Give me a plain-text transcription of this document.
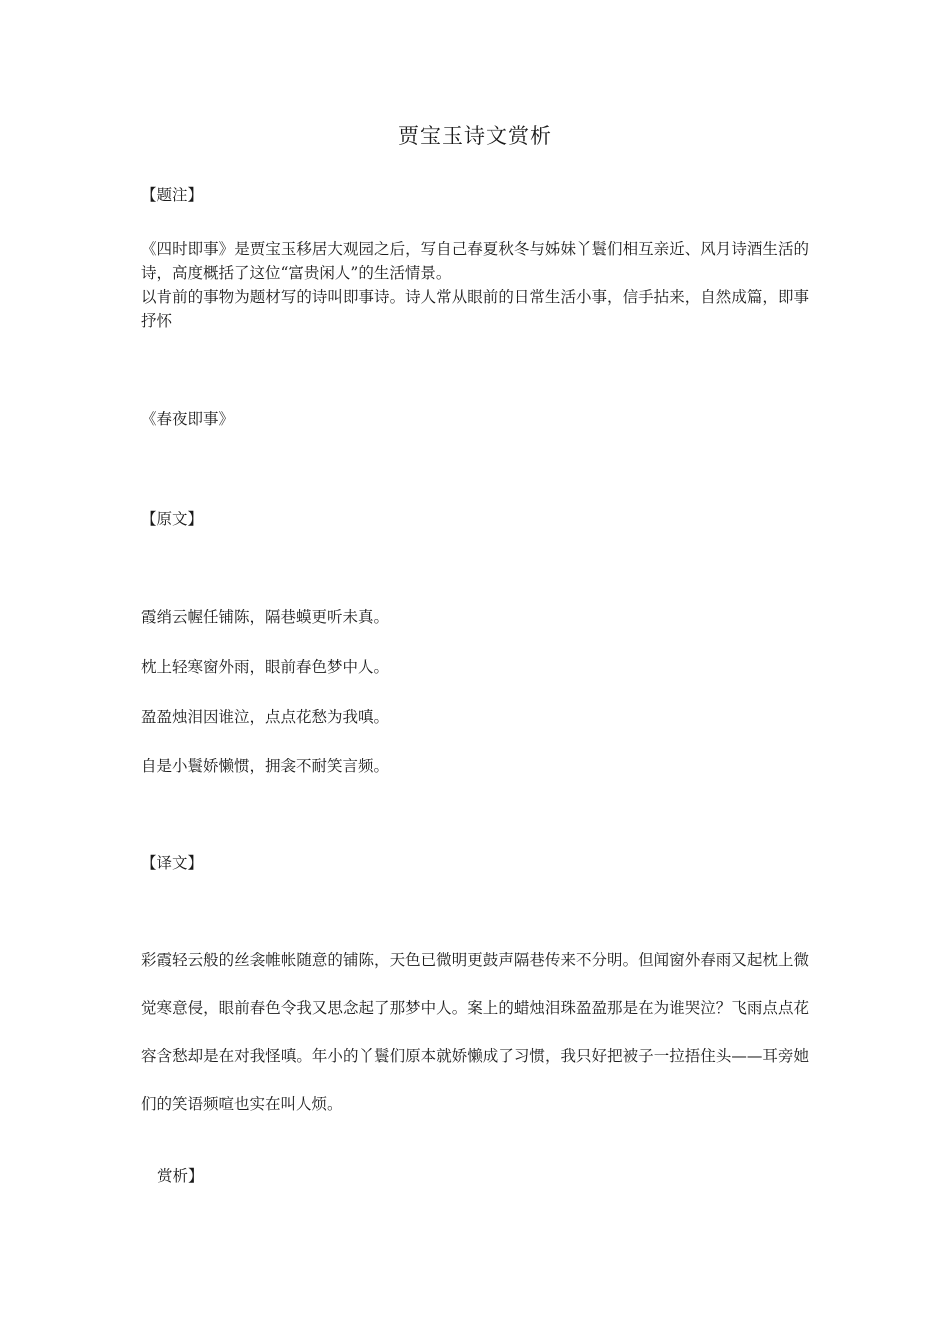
贾宝玉诗文赏析
【题注】
《四时即事》是贾宝玉移居大观园之后，写自己春夏秋冬与姊妹丫鬟们相互亲近、风月诗酒生活的诗，高度概括了这位“富贵闲人”的生活情景。
以肯前的事物为题材写的诗叫即事诗。诗人常从眼前的日常生活小事，信手拈来，自然成篇，即事抒怀
《春夜即事》
【原文】
霞绡云幄任铺陈，隔巷蟆更听未真。
枕上轻寒窗外雨，眼前春色梦中人。
盈盈烛泪因谁泣，点点花愁为我嗔。
自是小鬟娇懒惯，拥衾不耐笑言频。
【译文】
彩霞轻云般的丝衾帷帐随意的铺陈，天色已微明更鼓声隔巷传来不分明。但闻窗外春雨又起枕上微觉寒意侵，眼前春色令我又思念起了那梦中人。案上的蜡烛泪珠盈盈那是在为谁哭泣？飞雨点点花容含愁却是在对我怪嗔。年小的丫鬟们原本就娇懒成了习惯，我只好把被子一拉捂住头——耳旁她们的笑语频喧也实在叫人烦。
赏析】
